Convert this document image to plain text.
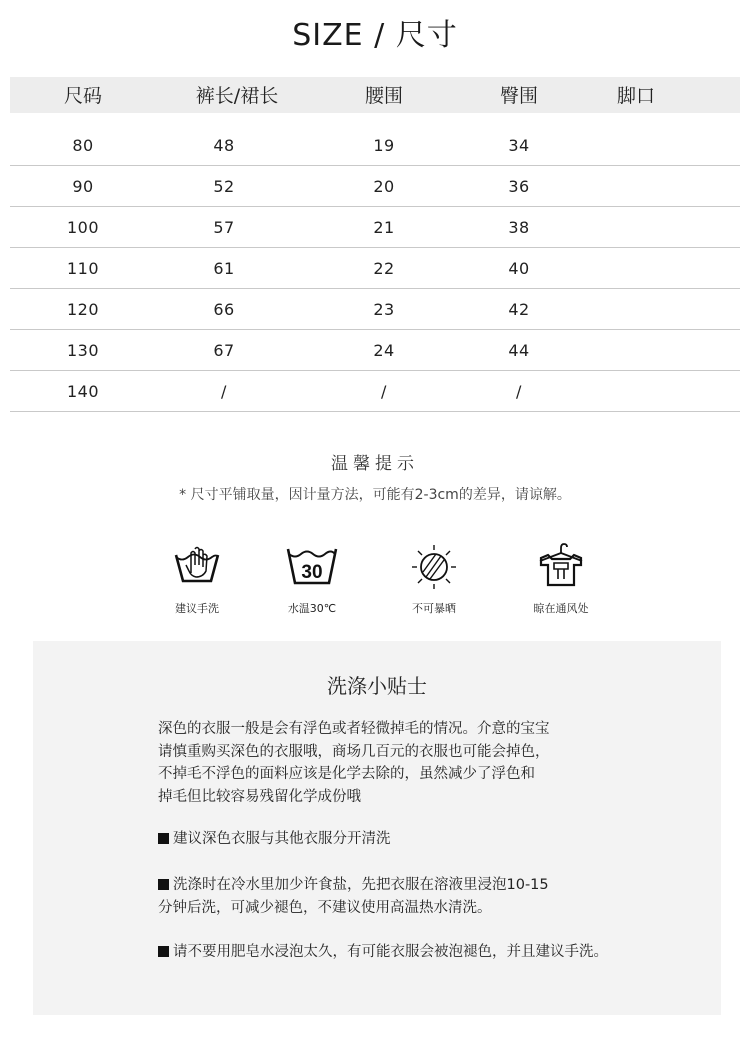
SIZE / 尺寸
尺码	裤长/裙长	腰围	臀围	脚口
80	48	19	34
90	52	20	36
100	57	21	38
110	61	22	40
120	66	23	42
130	67	24	44
140	/	/	/
温馨提示
* 尺寸平铺取量，因计量方法，可能有2-3cm的差异，请谅解。
建议手洗
30
水温30℃	不可暴晒	晾在通风处
洗涤小贴士
深色的衣服一般是会有浮色或者轻微掉毛的情况。介意的宝宝
请慎重购买深色的衣服哦，商场几百元的衣服也可能会掉色，
不掉毛不浮色的面料应该是化学去除的，虽然减少了浮色和
掉毛但比较容易残留化学成份哦
建议深色衣服与其他衣服分开清洗
洗涤时在冷水里加少许食盐，先把衣服在溶液里浸泡10-15
分钟后洗，可减少褪色，不建议使用高温热水清洗。
请不要用肥皂水浸泡太久，有可能衣服会被泡褪色，并且建议手洗。
